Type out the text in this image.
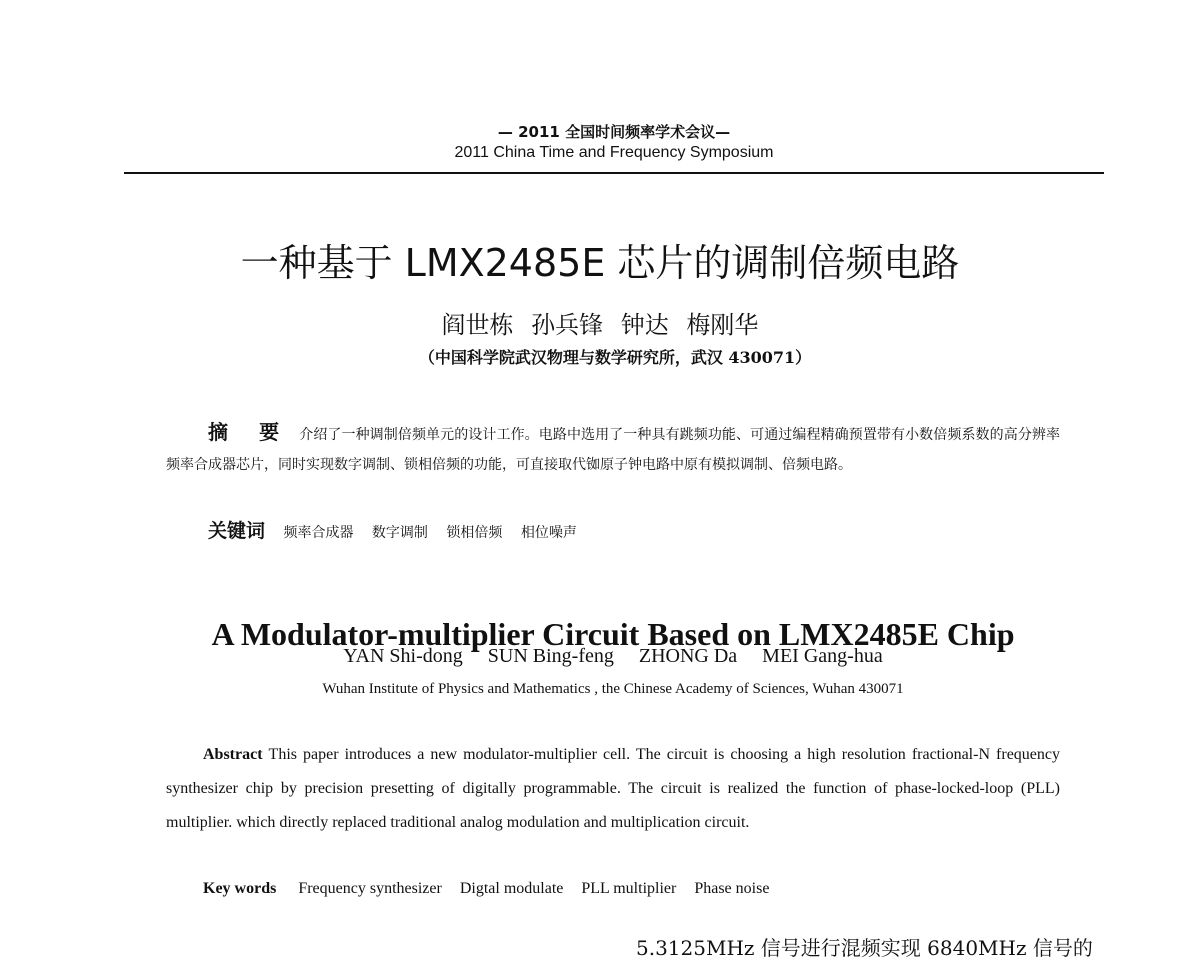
— 2011 全国时间频率学术会议—
2011 China Time and Frequency Symposium
一种基于 LMX2485E 芯片的调制倍频电路
阎世栋 孙兵锋 钟达 梅刚华
（中国科学院武汉物理与数学研究所，武汉 430071）
摘 要 介绍了一种调制倍频单元的设计工作。电路中选用了一种具有跳频功能、可通过编程精确预置带有小数倍频系数的高分辨率频率合成器芯片，同时实现数字调制、锁相倍频的功能，可直接取代铷原子钟电路中原有模拟调制、倍频电路。
关键词 频率合成器 数字调制 锁相倍频 相位噪声
A Modulator-multiplier Circuit Based on LMX2485E Chip
YAN Shi-dong SUN Bing-feng ZHONG Da MEI Gang-hua
Wuhan Institute of Physics and Mathematics , the Chinese Academy of Sciences, Wuhan 430071
Abstract This paper introduces a new modulator-multiplier cell. The circuit is choosing a high resolution fractional-N frequency synthesizer chip by precision presetting of digitally programmable. The circuit is realized the function of phase-locked-loop (PLL) multiplier. which directly replaced traditional analog modulation and multiplication circuit.
Key words Frequency synthesizer Digtal modulate PLL multiplier Phase noise
5.3125MHz 信号进行混频实现 6840MHz 信号的
